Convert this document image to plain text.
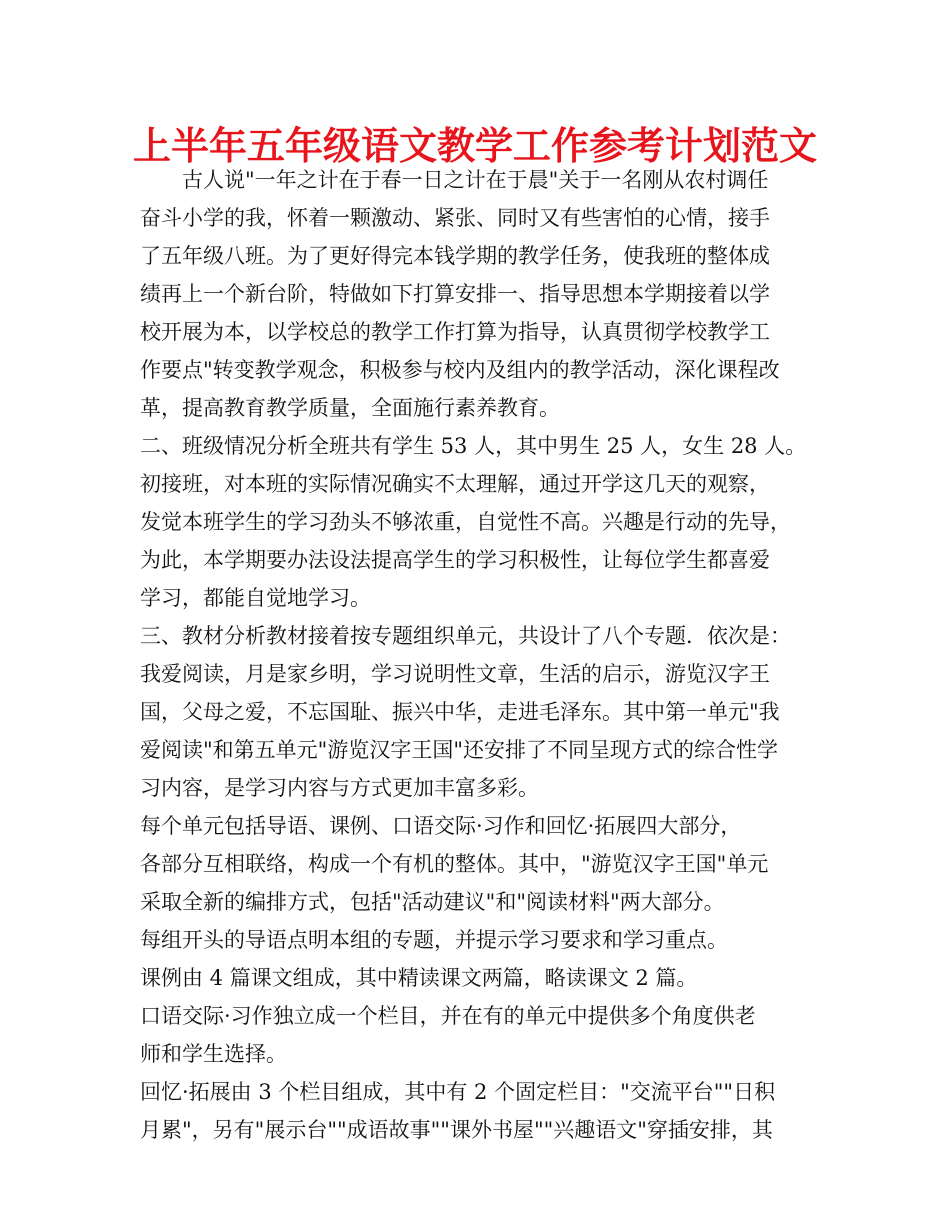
上半年五年级语文教学工作参考计划范文
古人说"一年之计在于春一日之计在于晨"关于一名刚从农村调任
奋斗小学的我，怀着一颗激动、紧张、同时又有些害怕的心情，接手
了五年级八班。为了更好得完本钱学期的教学任务，使我班的整体成
绩再上一个新台阶，特做如下打算安排一、指导思想本学期接着以学
校开展为本，以学校总的教学工作打算为指导，认真贯彻学校教学工
作要点"转变教学观念，积极参与校内及组内的教学活动，深化课程改
革，提高教育教学质量，全面施行素养教育。
二、班级情况分析全班共有学生 53 人，其中男生 25 人，女生 28 人。
初接班，对本班的实际情况确实不太理解，通过开学这几天的观察，
发觉本班学生的学习劲头不够浓重，自觉性不高。兴趣是行动的先导，
为此，本学期要办法设法提高学生的学习积极性，让每位学生都喜爱
学习，都能自觉地学习。
三、教材分析教材接着按专题组织单元，共设计了八个专题．依次是：
我爱阅读，月是家乡明，学习说明性文章，生活的启示，游览汉字王
国，父母之爱，不忘国耻、振兴中华，走进毛泽东。其中第一单元"我
爱阅读"和第五单元"游览汉字王国"还安排了不同呈现方式的综合性学
习内容，是学习内容与方式更加丰富多彩。
每个单元包括导语、课例、口语交际·习作和回忆·拓展四大部分，
各部分互相联络，构成一个有机的整体。其中，"游览汉字王国"单元
采取全新的编排方式，包括"活动建议"和"阅读材料"两大部分。
每组开头的导语点明本组的专题，并提示学习要求和学习重点。
课例由 4 篇课文组成，其中精读课文两篇，略读课文 2 篇。
口语交际·习作独立成一个栏目，并在有的单元中提供多个角度供老
师和学生选择。
回忆·拓展由 3 个栏目组成，其中有 2 个固定栏目："交流平台""日积
月累"，另有"展示台""成语故事""课外书屋""兴趣语文"穿插安排，其
